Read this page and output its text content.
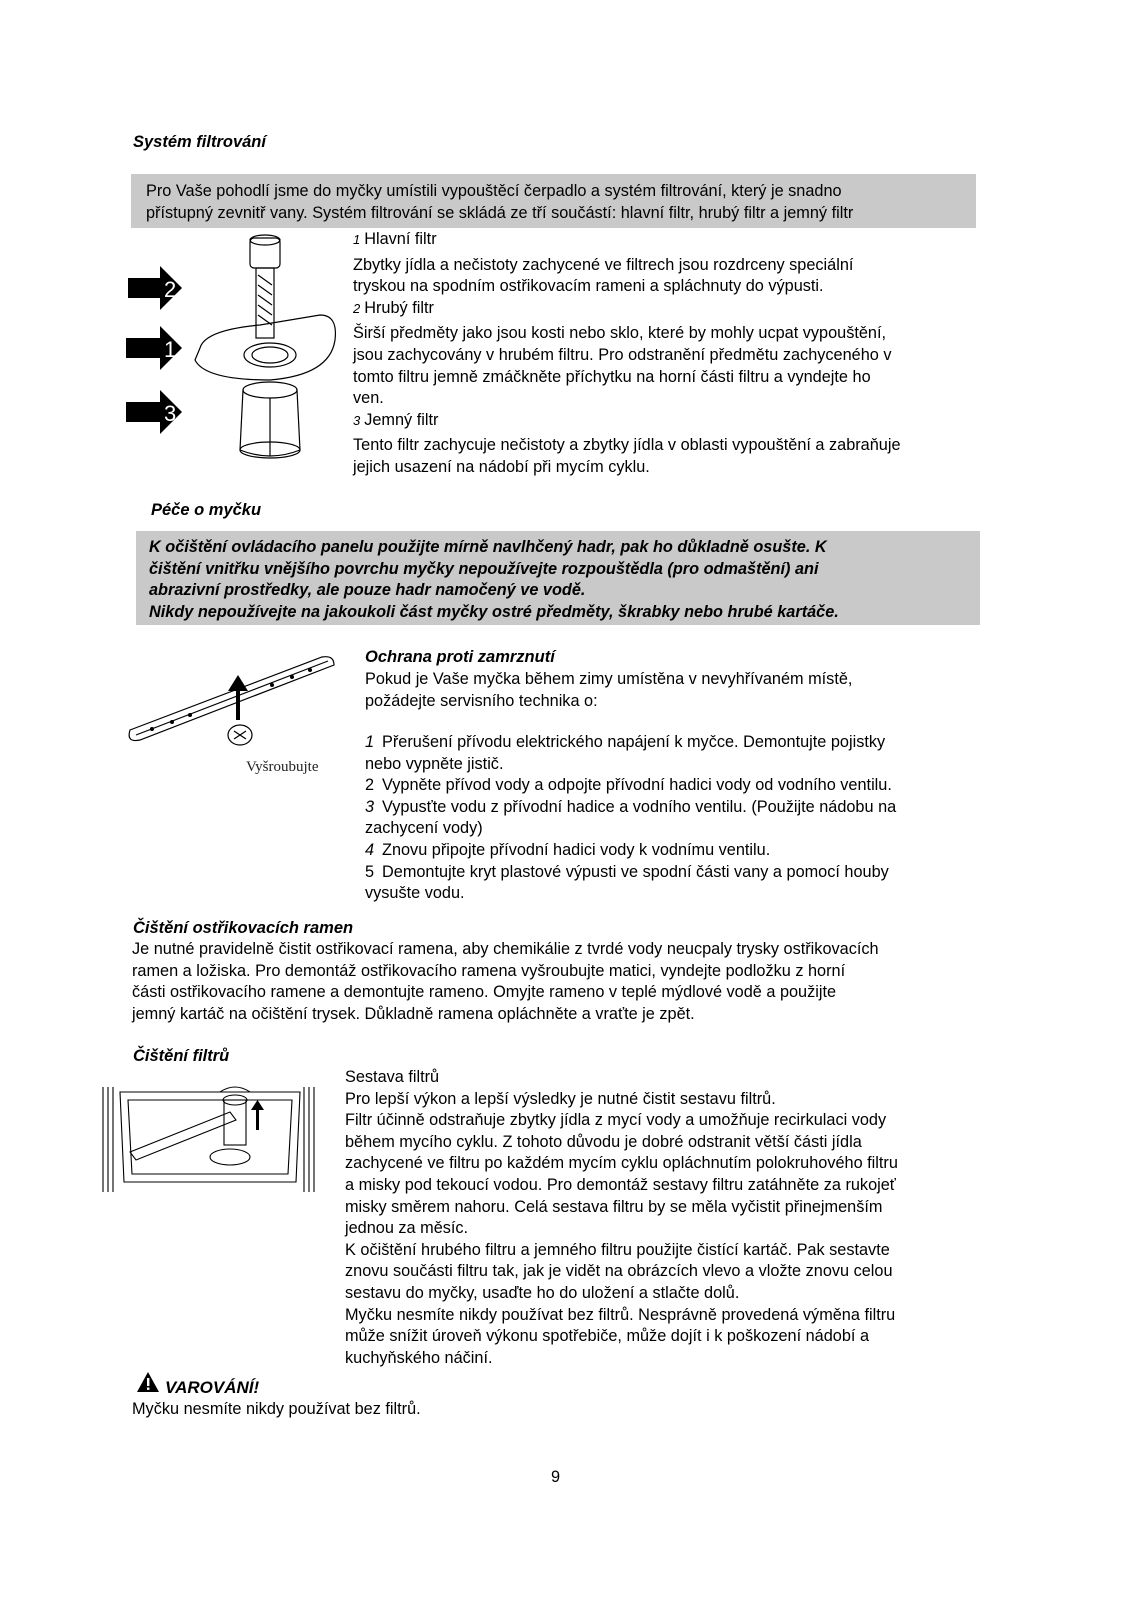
Systém filtrování
Pro Vaše pohodlí jsme do myčky umístili vypouštěcí čerpadlo a systém filtrování, který je snadno
přístupný zevnitř vany. Systém filtrování se skládá ze tří součástí: hlavní filtr, hrubý filtr a jemný filtr
2
1
3
1 Hlavní filtr
Zbytky jídla a nečistoty zachycené ve filtrech jsou rozdrceny speciální
tryskou na spodním ostřikovacím rameni a spláchnuty do výpusti.
2 Hrubý filtr
Širší předměty jako jsou kosti nebo sklo, které by mohly ucpat vypouštění,
jsou zachycovány v hrubém filtru. Pro odstranění předmětu zachyceného v
tomto filtru jemně zmáčkněte příchytku na horní části filtru a vyndejte ho
ven.
3 Jemný filtr
Tento filtr zachycuje nečistoty a zbytky jídla v oblasti vypouštění a zabraňuje
jejich usazení na nádobí při mycím cyklu.
Péče o myčku
K očištění ovládacího panelu použijte mírně navlhčený hadr, pak ho důkladně osušte. K
čištění vnitřku vnějšího povrchu myčky nepoužívejte rozpouštědla (pro odmaštění) ani
abrazivní prostředky, ale pouze hadr namočený ve vodě.
Nikdy nepoužívejte na jakoukoli část myčky ostré předměty, škrabky nebo hrubé kartáče.
Vyšroubujte
Ochrana proti zamrznutí
Pokud je Vaše myčka během zimy umístěna v nevyhřívaném místě,
požádejte servisního technika o:
1 Přerušení přívodu elektrického napájení k myčce. Demontujte pojistky
nebo vypněte jistič.
2 Vypněte přívod vody a odpojte přívodní hadici vody od vodního ventilu.
3 Vypusťte vodu z přívodní hadice a vodního ventilu. (Použijte nádobu na
zachycení vody)
4 Znovu připojte přívodní hadici vody k vodnímu ventilu.
5 Demontujte kryt plastové výpusti ve spodní části vany a pomocí houby
vysušte vodu.
Čištění ostřikovacích ramen
Je nutné pravidelně čistit ostřikovací ramena, aby chemikálie z tvrdé vody neucpaly trysky ostřikovacích
ramen a ložiska. Pro demontáž ostřikovacího ramena vyšroubujte matici, vyndejte podložku z horní
části ostřikovacího ramene a demontujte rameno. Omyjte rameno v teplé mýdlové vodě a použijte
jemný kartáč na očištění trysek. Důkladně ramena opláchněte a vraťte je zpět.
Čištění filtrů
Sestava filtrů
Pro lepší výkon a lepší výsledky je nutné čistit sestavu filtrů.
Filtr účinně odstraňuje zbytky jídla z mycí vody a umožňuje recirkulaci vody
během mycího cyklu. Z tohoto důvodu je dobré odstranit větší části jídla
zachycené ve filtru po každém mycím cyklu opláchnutím polokruhového filtru
a misky pod tekoucí vodou. Pro demontáž sestavy filtru zatáhněte za rukojeť
misky směrem nahoru. Celá sestava filtru by se měla vyčistit přinejmenším
jednou za měsíc.
K očištění hrubého filtru a jemného filtru použijte čistící kartáč. Pak sestavte
znovu součásti filtru tak, jak je vidět na obrázcích vlevo a vložte znovu celou
sestavu do myčky, usaďte ho do uložení a stlačte dolů.
Myčku nesmíte nikdy používat bez filtrů. Nesprávně provedená výměna filtru
může snížit úroveň výkonu spotřebiče, může dojít i k poškození nádobí a
kuchyňského náčiní.
VAROVÁNÍ!
Myčku nesmíte nikdy používat bez filtrů.
9
